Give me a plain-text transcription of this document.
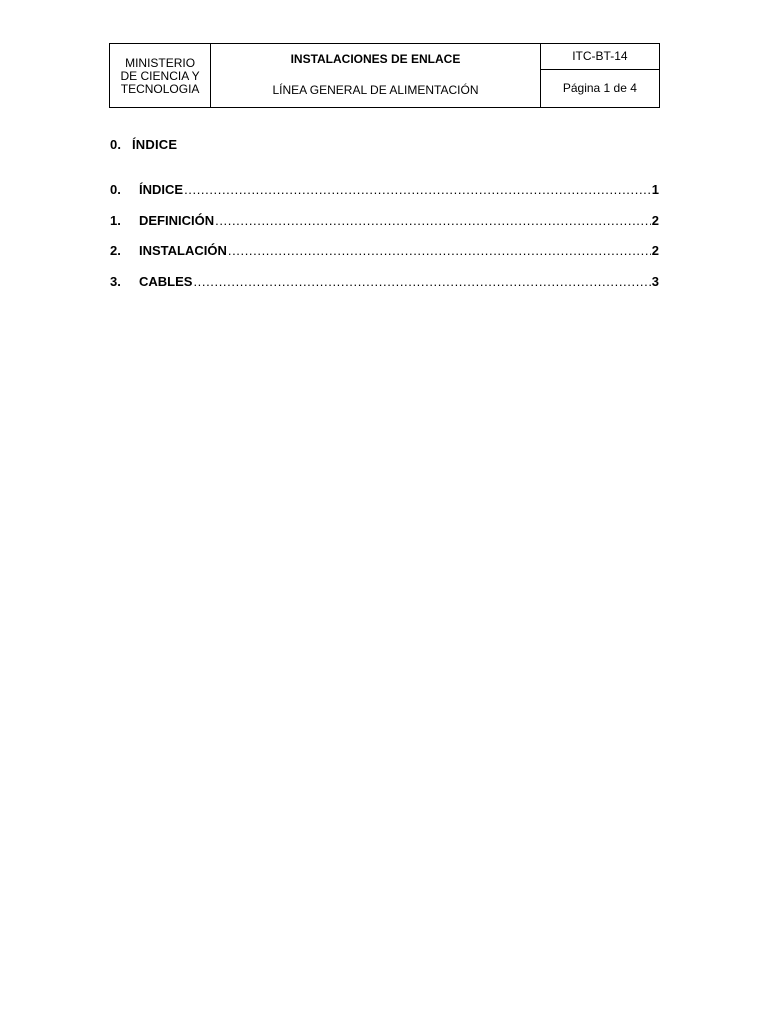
MINISTERIO
DE CIENCIA Y
TECNOLOGIA

INSTALACIONES DE ENLACE
LÍNEA GENERAL DE ALIMENTACIÓN
	ITC-BT-14
Página 1 de 4
0. ÍNDICE
0.	ÍNDICE .....	1
1.	DEFINICIÓN .....	2
2.	INSTALACIÓN .....	2
3.	CABLES .....	3
